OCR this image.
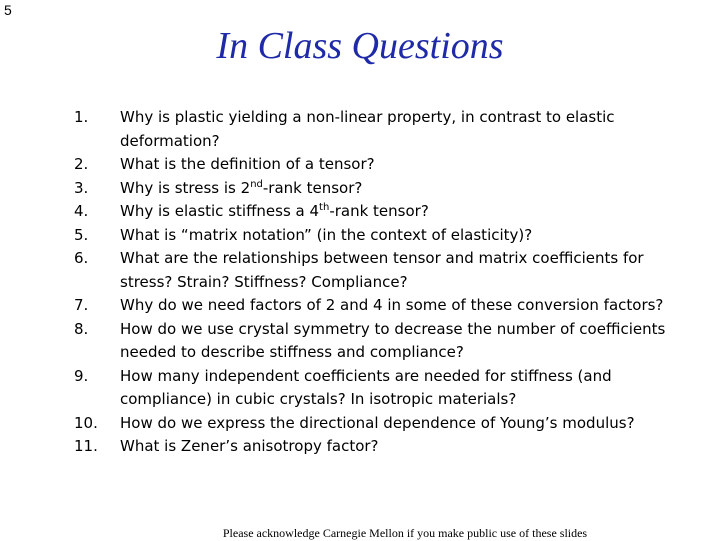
5
In Class Questions
1.	Why is plastic yielding a non-linear property, in contrast to elastic deformation?
2.	What is the definition of a tensor?
3.	Why is stress is 2nd-rank tensor?
4.	Why is elastic stiffness a 4th-rank tensor?
5.	What is “matrix notation” (in the context of elasticity)?
6.	What are the relationships between tensor and matrix coefficients for stress? Strain? Stiffness? Compliance?
7.	Why do we need factors of 2 and 4 in some of these conversion factors?
8.	How do we use crystal symmetry to decrease the number of coefficients needed to describe stiffness and compliance?
9.	How many independent coefficients are needed for stiffness (and compliance) in cubic crystals? In isotropic materials?
10.	How do we express the directional dependence of Young’s modulus?
11.	What is Zener’s anisotropy factor?
Please acknowledge Carnegie Mellon if you make public use of these slides
